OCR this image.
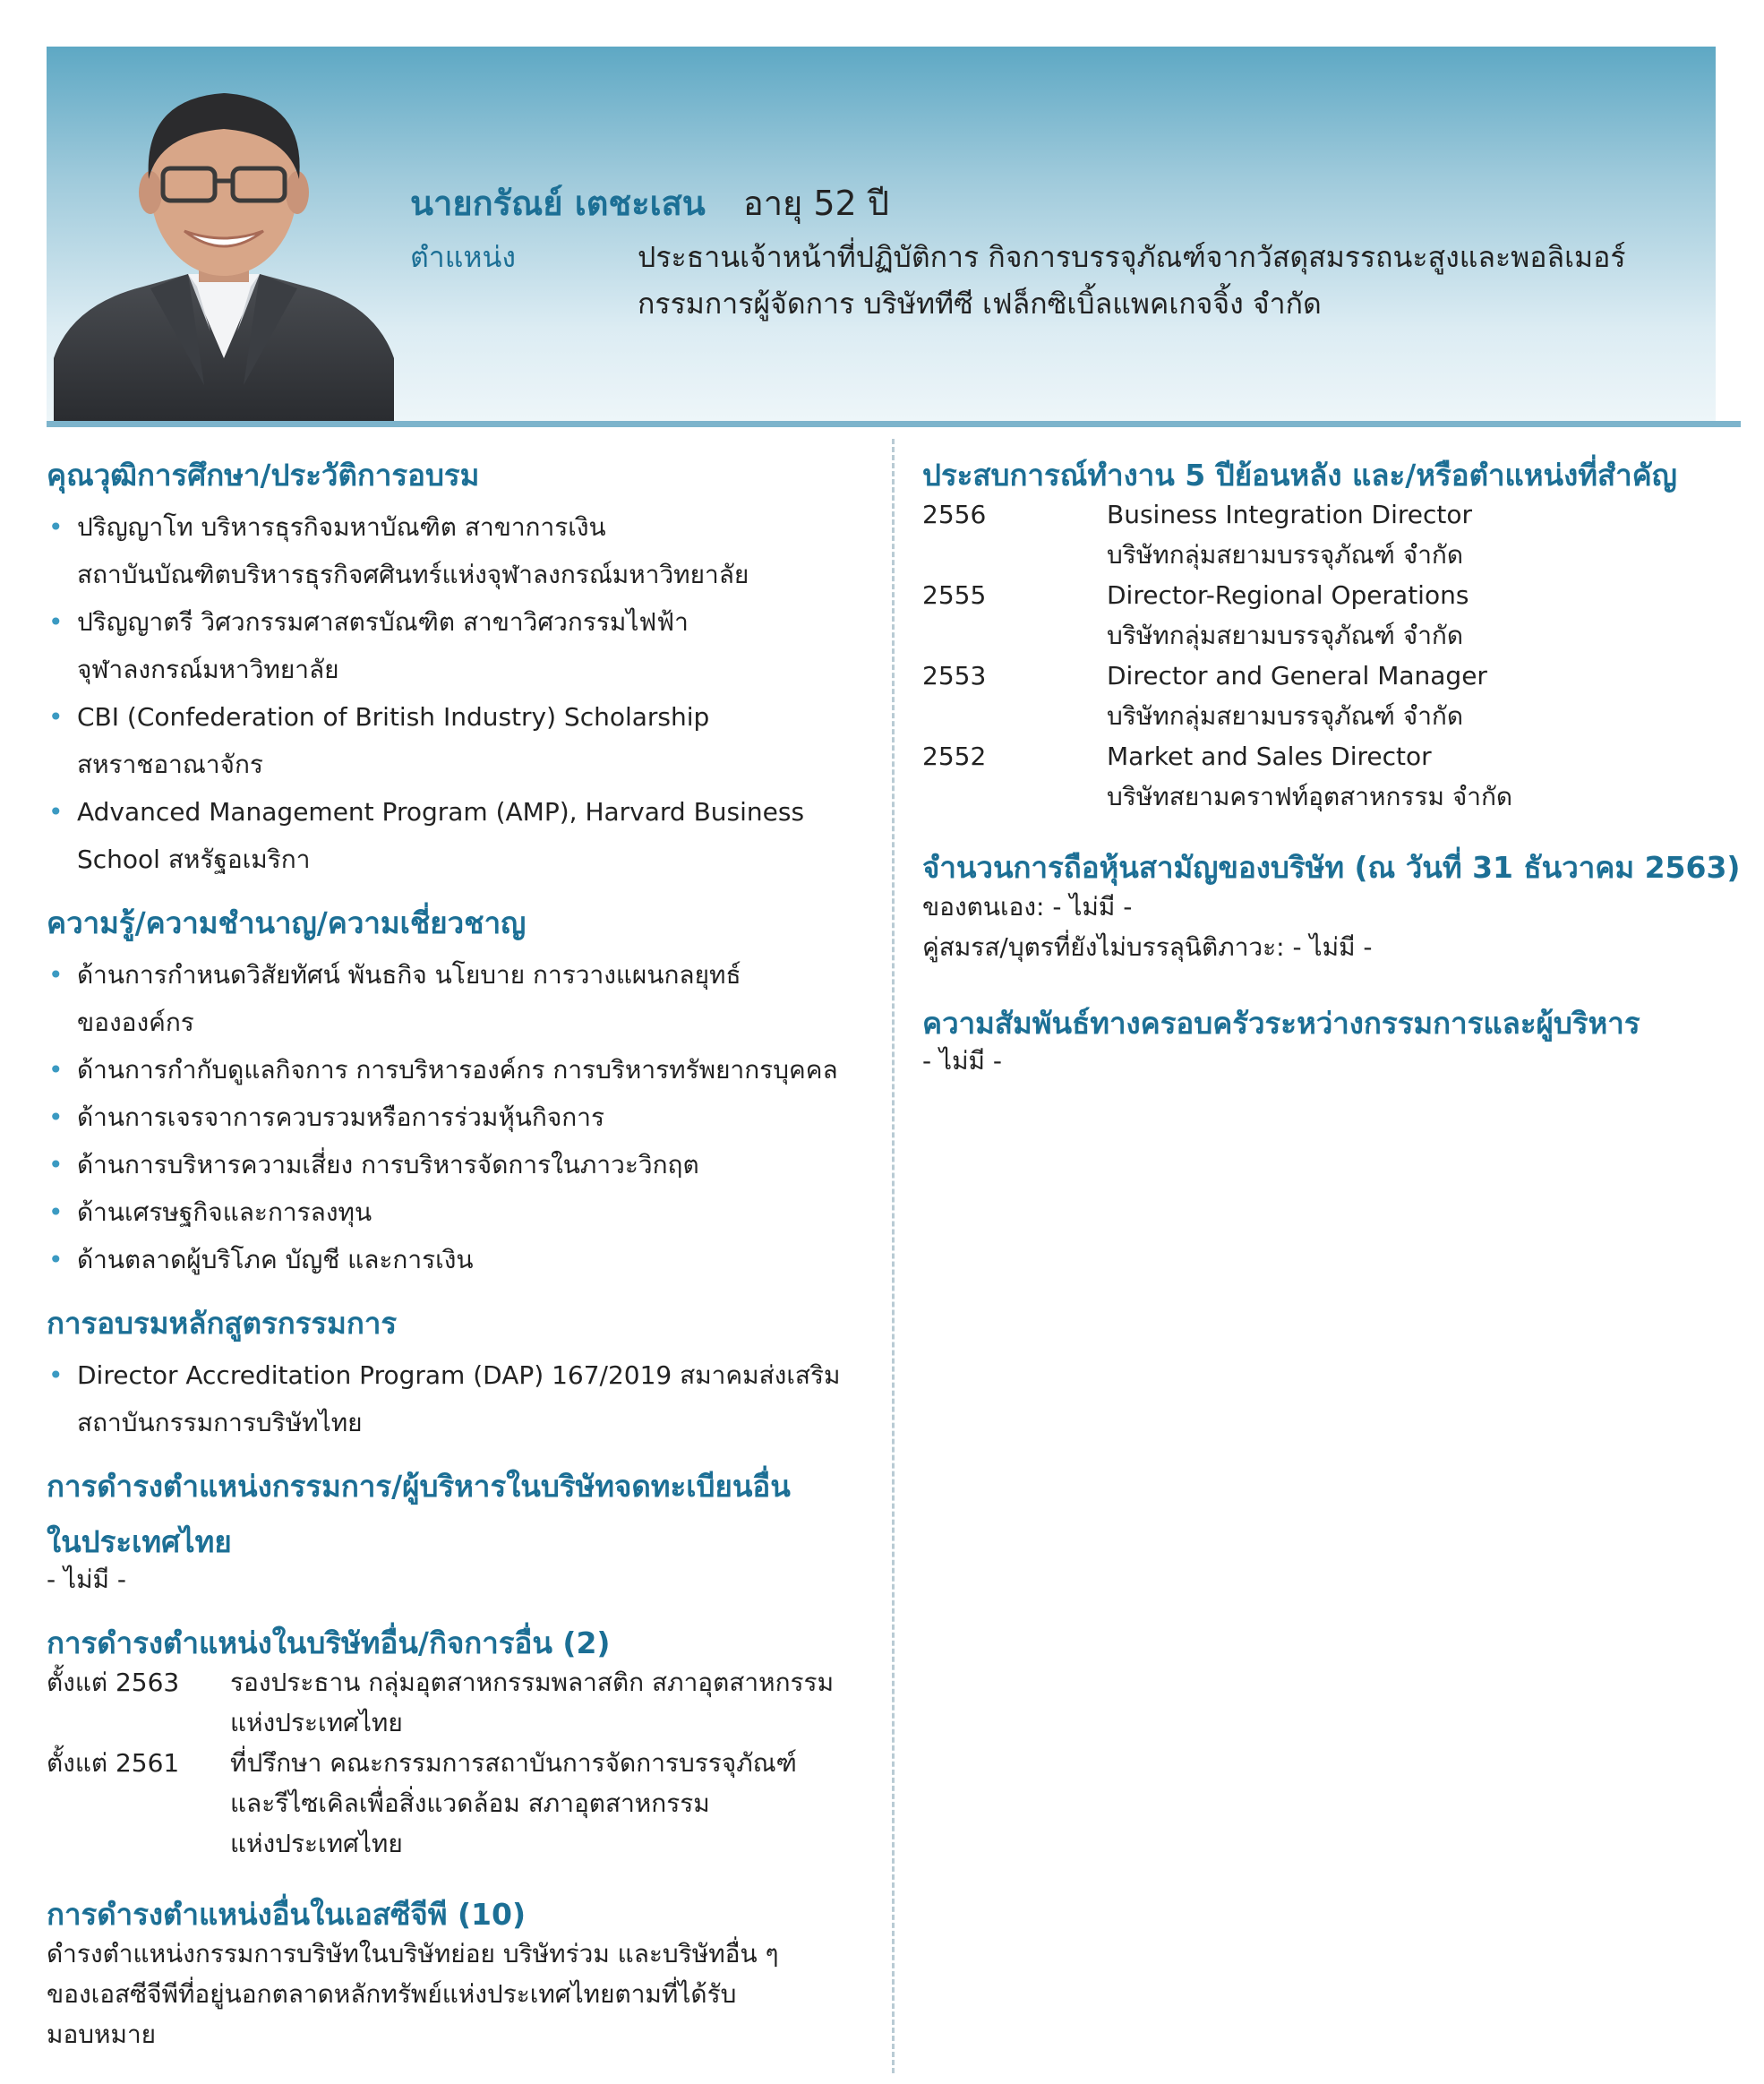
นายกรัณย์ เตชะเสน อายุ 52 ปี
ตำแหน่ง	ประธานเจ้าหน้าที่ปฏิบัติการ กิจการบรรจุภัณฑ์จากวัสดุสมรรถนะสูงและพอลิเมอร์
กรรมการผู้จัดการ บริษัททีซี เฟล็กซิเบิ้ลแพคเกจจิ้ง จำกัด
คุณวุฒิการศึกษา/ประวัติการอบรม
• ปริญญาโท บริหารธุรกิจมหาบัณฑิต สาขาการเงิน
สถาบันบัณฑิตบริหารธุรกิจศศินทร์แห่งจุฬาลงกรณ์มหาวิทยาลัย
• ปริญญาตรี วิศวกรรมศาสตรบัณฑิต สาขาวิศวกรรมไฟฟ้า
จุฬาลงกรณ์มหาวิทยาลัย
• CBI (Confederation of British Industry) Scholarship
สหราชอาณาจักร
• Advanced Management Program (AMP), Harvard Business
School สหรัฐอเมริกา
ความรู้/ความชำนาญ/ความเชี่ยวชาญ
• ด้านการกำหนดวิสัยทัศน์ พันธกิจ นโยบาย การวางแผนกลยุทธ์
ขององค์กร
• ด้านการกำกับดูแลกิจการ การบริหารองค์กร การบริหารทรัพยากรบุคคล
• ด้านการเจรจาการควบรวมหรือการร่วมหุ้นกิจการ
• ด้านการบริหารความเสี่ยง การบริหารจัดการในภาวะวิกฤต
• ด้านเศรษฐกิจและการลงทุน
• ด้านตลาดผู้บริโภค บัญชี และการเงิน
การอบรมหลักสูตรกรรมการ
• Director Accreditation Program (DAP) 167/2019 สมาคมส่งเสริม
สถาบันกรรมการบริษัทไทย
การดำรงตำแหน่งกรรมการ/ผู้บริหารในบริษัทจดทะเบียนอื่น
ในประเทศไทย

- ไม่มี -

การดำรงตำแหน่งในบริษัทอื่น/กิจการอื่น (2)
ตั้งแต่ 2563	รองประธาน กลุ่มอุตสาหกรรมพลาสติก สภาอุตสาหกรรม
แห่งประเทศไทย
ตั้งแต่ 2561	ที่ปรึกษา คณะกรรมการสถาบันการจัดการบรรจุภัณฑ์
และรีไซเคิลเพื่อสิ่งแวดล้อม สภาอุตสาหกรรม
แห่งประเทศไทย
การดำรงตำแหน่งอื่นในเอสซีจีพี (10)

ดำรงตำแหน่งกรรมการบริษัทในบริษัทย่อย บริษัทร่วม และบริษัทอื่น ๆ
ของเอสซีจีพีที่อยู่นอกตลาดหลักทรัพย์แห่งประเทศไทยตามที่ได้รับ
มอบหมาย

ประสบการณ์ทำงาน 5 ปีย้อนหลัง และ/หรือตำแหน่งที่สำคัญ
2556	Business Integration Director
บริษัทกลุ่มสยามบรรจุภัณฑ์ จำกัด
2555	Director-Regional Operations
บริษัทกลุ่มสยามบรรจุภัณฑ์ จำกัด
2553	Director and General Manager
บริษัทกลุ่มสยามบรรจุภัณฑ์ จำกัด
2552	Market and Sales Director
บริษัทสยามคราฟท์อุตสาหกรรม จำกัด
จำนวนการถือหุ้นสามัญของบริษัท (ณ วันที่ 31 ธันวาคม 2563)

ของตนเอง: - ไม่มี -
คู่สมรส/บุตรที่ยังไม่บรรลุนิติภาวะ: - ไม่มี -

ความสัมพันธ์ทางครอบครัวระหว่างกรรมการและผู้บริหาร

- ไม่มี -
